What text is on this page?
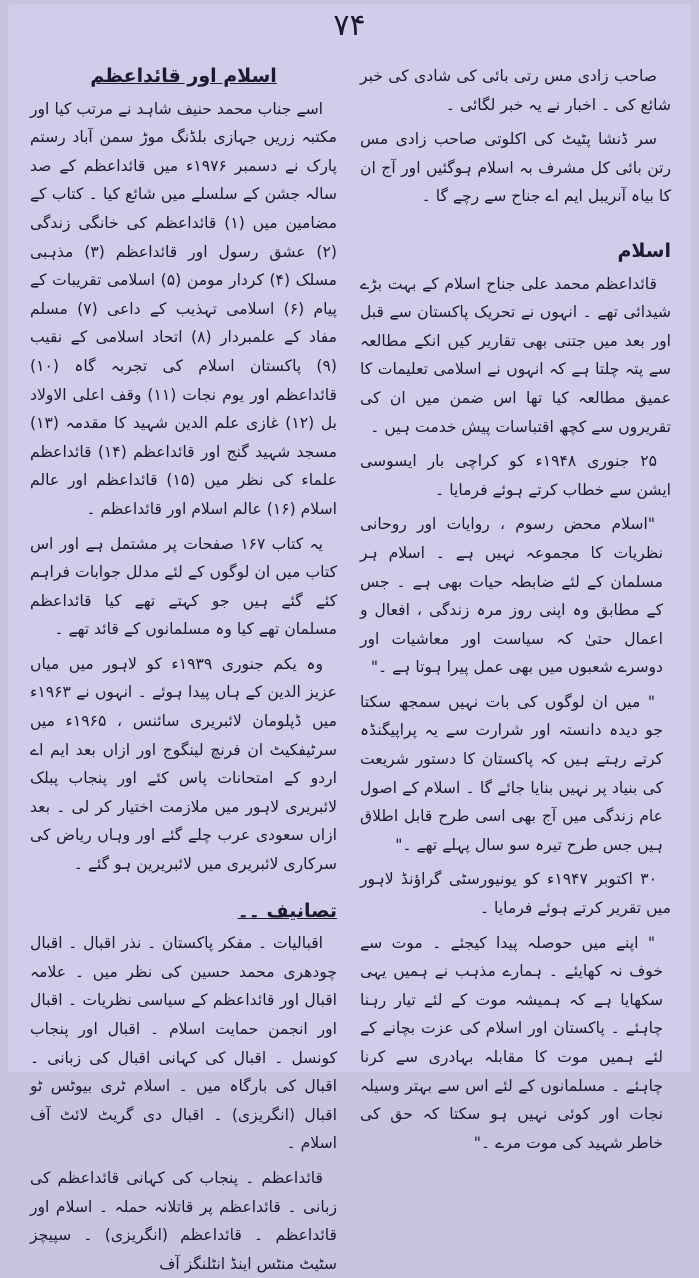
۷۴

صاحب زادی مس رتی بائی کی شادی کی خبر شائع کی ۔ اخبار نے یہ خبر لگائی ۔

سر ڈنشا پٹیٹ کی اکلوتی صاحب زادی مس رتن بائی کل مشرف بہ اسلام ہوگئیں اور آج ان کا بیاہ آنریبل ایم اے جناح سے رچے گا ۔

اسلام

قائداعظم محمد علی جناح اسلام کے بہت بڑے شیدائی تھے ۔ انہوں نے تحریک پاکستان سے قبل اور بعد میں جتنی بھی تقاریر کیں انکے مطالعہ سے پتہ چلتا ہے کہ انہوں نے اسلامی تعلیمات کا عمیق مطالعہ کیا تھا اس ضمن میں ان کی تقریروں سے کچھ اقتباسات پیش خدمت ہیں ۔

۲۵ جنوری ۱۹۴۸ء کو کراچی بار ایسوسی ایشن سے خطاب کرتے ہوئے فرمایا ۔

"اسلام محض رسوم ، روایات اور روحانی نظریات کا مجموعہ نہیں ہے ۔ اسلام ہر مسلمان کے لئے ضابطہ حیات بھی ہے ۔ جس کے مطابق وہ اپنی روز مرہ زندگی ، افعال و اعمال حتیٰ کہ سیاست اور معاشیات اور دوسرے شعبوں میں بھی عمل پیرا ہوتا ہے ۔"

" میں ان لوگوں کی بات نہیں سمجھ سکتا جو دیدہ دانستہ اور شرارت سے یہ پراپیگنڈہ کرتے رہتے ہیں کہ پاکستان کا دستور شریعت کی بنیاد پر نہیں بنایا جائے گا ۔ اسلام کے اصول عام زندگی میں آج بھی اسی طرح قابل اطلاق ہیں جس طرح تیرہ سو سال پہلے تھے ۔"

۳۰ اکتوبر ۱۹۴۷ء کو یونیورسٹی گراؤنڈ لاہور میں تقریر کرتے ہوئے فرمایا ۔

" اپنے میں حوصلہ پیدا کیجئے ۔ موت سے خوف نہ کھایئے ۔ ہمارے مذہب نے ہمیں یہی سکھایا ہے کہ ہمیشہ موت کے لئے تیار رہنا چاہئے ۔ پاکستان اور اسلام کی عزت بچانے کے لئے ہمیں موت کا مقابلہ بہادری سے کرنا چاہئے ۔ مسلمانوں کے لئے اس سے بہتر وسیلہ نجات اور کوئی نہیں ہو سکتا کہ حق کی خاطر شہید کی موت مرے ۔"

اسلام اور قائداعظم

اسے جناب محمد حنیف شاہد نے مرتب کیا اور مکتبہ زریں جہازی بلڈنگ موڑ سمن آباد رستم پارک نے دسمبر ۱۹۷۶ء میں قائداعظم کے صد سالہ جشن کے سلسلے میں شائع کیا ۔ کتاب کے مضامین میں (۱) قائداعظم کی خانگی زندگی (۲) عشق رسول اور قائداعظم (۳) مذہبی مسلک (۴) کردار مومن (۵) اسلامی تقریبات کے پیام (۶) اسلامی تہذیب کے داعی (۷) مسلم مفاد کے علمبردار (۸) اتحاد اسلامی کے نقیب (۹) پاکستان اسلام کی تجربہ گاہ (۱۰) قائداعظم اور یوم نجات (۱۱) وقف اعلی الاولاد بل (۱۲) غازی علم الدین شہید کا مقدمہ (۱۳) مسجد شہید گنج اور قائداعظم (۱۴) قائداعظم علماء کی نظر میں (۱۵) قائداعظم اور عالم اسلام (۱۶) عالم اسلام اور قائداعظم ۔

یہ کتاب ۱۶۷ صفحات پر مشتمل ہے اور اس کتاب میں ان لوگوں کے لئے مدلل جوابات فراہم کئے گئے ہیں جو کہتے تھے کیا قائداعظم مسلمان تھے کیا وہ مسلمانوں کے قائد تھے ۔

وہ یکم جنوری ۱۹۳۹ء کو لاہور میں میاں عزیز الدین کے ہاں پیدا ہوئے ۔ انہوں نے ۱۹۶۳ء میں ڈپلومان لائبریری سائنس ، ۱۹۶۵ء میں سرٹیفکیٹ ان فرنچ لینگوج اور ازاں بعد ایم اے اردو کے امتحانات پاس کئے اور پنجاب پبلک لائبریری لاہور میں ملازمت اختیار کر لی ۔ بعد ازاں سعودی عرب چلے گئے اور وہاں ریاض کی سرکاری لائبریری میں لائبریرین ہو گئے ۔

تصانیف ۔۔

اقبالیات ۔ مفکر پاکستان ۔ نذر اقبال ۔ اقبال چودھری محمد حسین کی نظر میں ۔ علامہ اقبال اور قائداعظم کے سیاسی نظریات ۔ اقبال اور انجمن حمایت اسلام ۔ اقبال اور پنجاب کونسل ۔ اقبال کی کہانی اقبال کی زبانی ۔ اقبال کی بارگاہ میں ۔ اسلام ٹری بیوٹس ٹو اقبال (انگریزی) ۔ اقبال دی گریٹ لائٹ آف اسلام ۔

قائداعظم ۔ پنجاب کی کہانی قائداعظم کی زبانی ۔ قائداعظم پر قاتلانہ حملہ ۔ اسلام اور قائداعظم ۔ قائداعظم (انگریزی) ۔ سپیچز سٹیٹ منٹس اینڈ انٹلنگز آف
